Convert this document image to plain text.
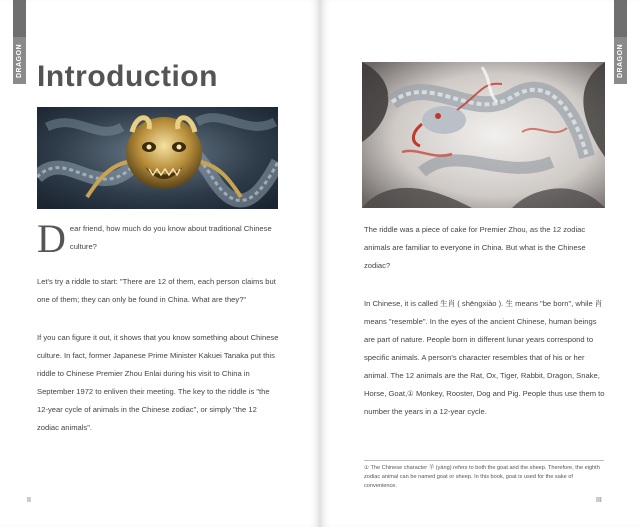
DRAGON Introduction

Dear friend, how much do you know about traditional Chinese culture?

Let's try a riddle to start: "There are 12 of them, each person claims but one of them; they can only be found in China. What are they?"

If you can figure it out, it shows that you know something about Chinese culture. In fact, former Japanese Prime Minister Kakuei Tanaka put this riddle to Chinese Premier Zhou Enlai during his visit to China in September 1972 to enliven their meeting. The key to the riddle is "the 12-year cycle of animals in the Chinese zodiac", or simply "the 12 zodiac animals".

II
DRAGON

The riddle was a piece of cake for Premier Zhou, as the 12 zodiac animals are familiar to everyone in China. But what is the Chinese zodiac?

In Chinese, it is called 生肖 ( shēngxiào ). 生 means "be born", while 肖 means "resemble". In the eyes of the ancient Chinese, human beings are part of nature. People born in different lunar years correspond to specific animals. A person's character resembles that of his or her animal. The 12 animals are the Rat, Ox, Tiger, Rabbit, Dragon, Snake, Horse, Goat,① Monkey, Rooster, Dog and Pig. People thus use them to number the years in a 12-year cycle.

① The Chinese character 羊 (yáng) refers to both the goat and the sheep. Therefore, the eighth zodiac animal can be named goat or sheep. In this book, goat is used for the sake of convenience.
III
